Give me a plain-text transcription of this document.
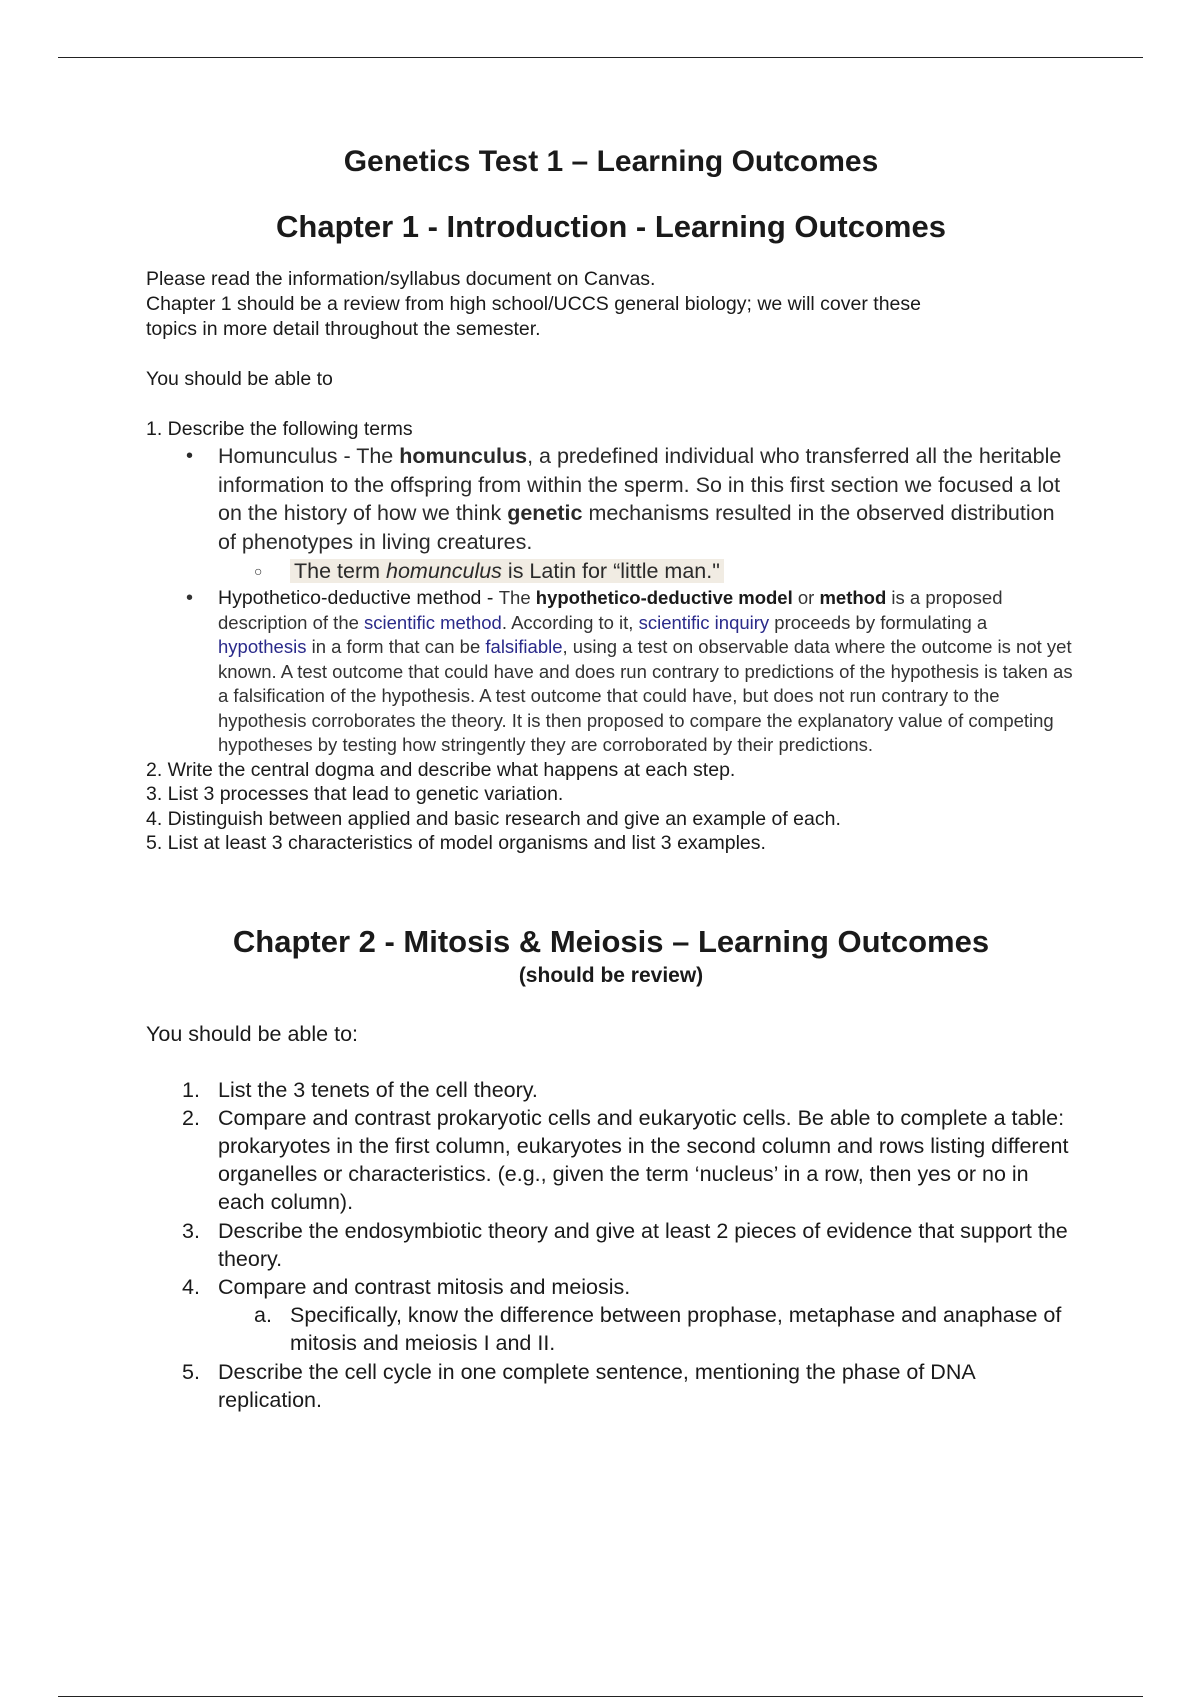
Genetics Test 1 – Learning Outcomes
Chapter 1 - Introduction - Learning Outcomes
Please read the information/syllabus document on Canvas.
Chapter 1 should be a review from high school/UCCS general biology; we will cover these
topics in more detail throughout the semester.

You should be able to

1. Describe the following terms

• Homunculus - The homunculus, a predefined individual who transferred all the heritable information to the offspring from within the sperm. So in this first section we focused a lot on the history of how we think genetic mechanisms resulted in the observed distribution of phenotypes in living creatures.
○ The term homunculus is Latin for “little man."
• Hypothetico-deductive method - The hypothetico-deductive model or method is a proposed description of the scientific method. According to it, scientific inquiry proceeds by formulating a hypothesis in a form that can be falsifiable, using a test on observable data where the outcome is not yet known. A test outcome that could have and does run contrary to predictions of the hypothesis is taken as a falsification of the hypothesis. A test outcome that could have, but does not run contrary to the hypothesis corroborates the theory. It is then proposed to compare the explanatory value of competing hypotheses by testing how stringently they are corroborated by their predictions.
2. Write the central dogma and describe what happens at each step.
3. List 3 processes that lead to genetic variation.
4. Distinguish between applied and basic research and give an example of each.
5. List at least 3 characteristics of model organisms and list 3 examples.
Chapter 2 - Mitosis & Meiosis – Learning Outcomes
(should be review)

You should be able to:

1. List the 3 tenets of the cell theory.
2. Compare and contrast prokaryotic cells and eukaryotic cells. Be able to complete a table: prokaryotes in the first column, eukaryotes in the second column and rows listing different organelles or characteristics. (e.g., given the term ‘nucleus’ in a row, then yes or no in each column).
3. Describe the endosymbiotic theory and give at least 2 pieces of evidence that support the theory.
4. Compare and contrast mitosis and meiosis.
a. Specifically, know the difference between prophase, metaphase and anaphase of mitosis and meiosis I and II.
5. Describe the cell cycle in one complete sentence, mentioning the phase of DNA replication.
